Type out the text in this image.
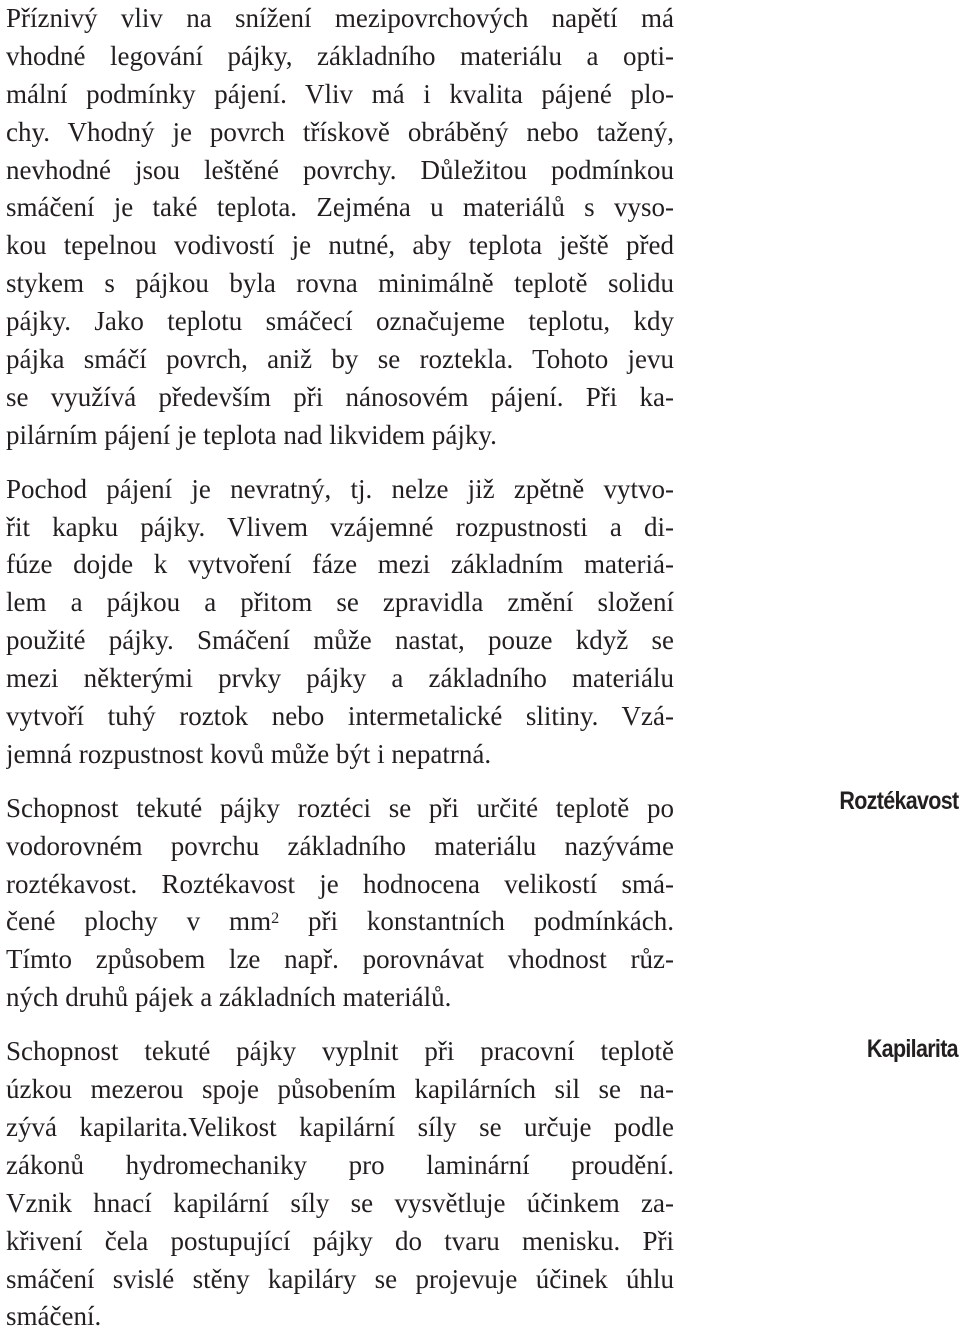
Příznivý vliv na snížení mezipovrchových napětí má
vhodné legování pájky, základního materiálu a opti-
mální podmínky pájení. Vliv má i kvalita pájené plo-
chy. Vhodný je povrch třískově obráběný nebo tažený,
nevhodné jsou leštěné povrchy. Důležitou podmínkou
smáčení je také teplota. Zejména u materiálů s vyso-
kou tepelnou vodivostí je nutné, aby teplota ještě před
stykem s pájkou byla rovna minimálně teplotě solidu
pájky. Jako teplotu smáčecí označujeme teplotu, kdy
pájka smáčí povrch, aniž by se roztekla. Tohoto jevu
se využívá především při nánosovém pájení. Při ka-
pilárním pájení je teplota nad likvidem pájky.
Pochod pájení je nevratný, tj. nelze již zpětně vytvo-
řit kapku pájky. Vlivem vzájemné rozpustnosti a di-
fúze dojde k vytvoření fáze mezi základním materiá-
lem a pájkou a přitom se zpravidla změní složení
použité pájky. Smáčení může nastat, pouze když se
mezi některými prvky pájky a základního materiálu
vytvoří tuhý roztok nebo intermetalické slitiny. Vzá-
jemná rozpustnost kovů může být i nepatrná.
Schopnost tekuté pájky roztéci se při určité teplotě po
vodorovném povrchu základního materiálu nazýváme
roztékavost. Roztékavost je hodnocena velikostí smá-
čené plochy v $mm^2$ při konstantních podmínkách.
Tímto způsobem lze např. porovnávat vhodnost růz-
ných druhů pájek a základních materiálů.
Schopnost tekuté pájky vyplnit při pracovní teplotě
úzkou mezerou spoje působením kapilárních sil se na-
zývá kapilarita.Velikost kapilární síly se určuje podle
zákonů hydromechaniky pro laminární proudění.
Vznik hnací kapilární síly se vysvětluje účinkem za-
křivení čela postupující pájky do tvaru menisku. Při
smáčení svislé stěny kapiláry se projevuje účinek úhlu
smáčení.
Roztékavost
Kapilarita
